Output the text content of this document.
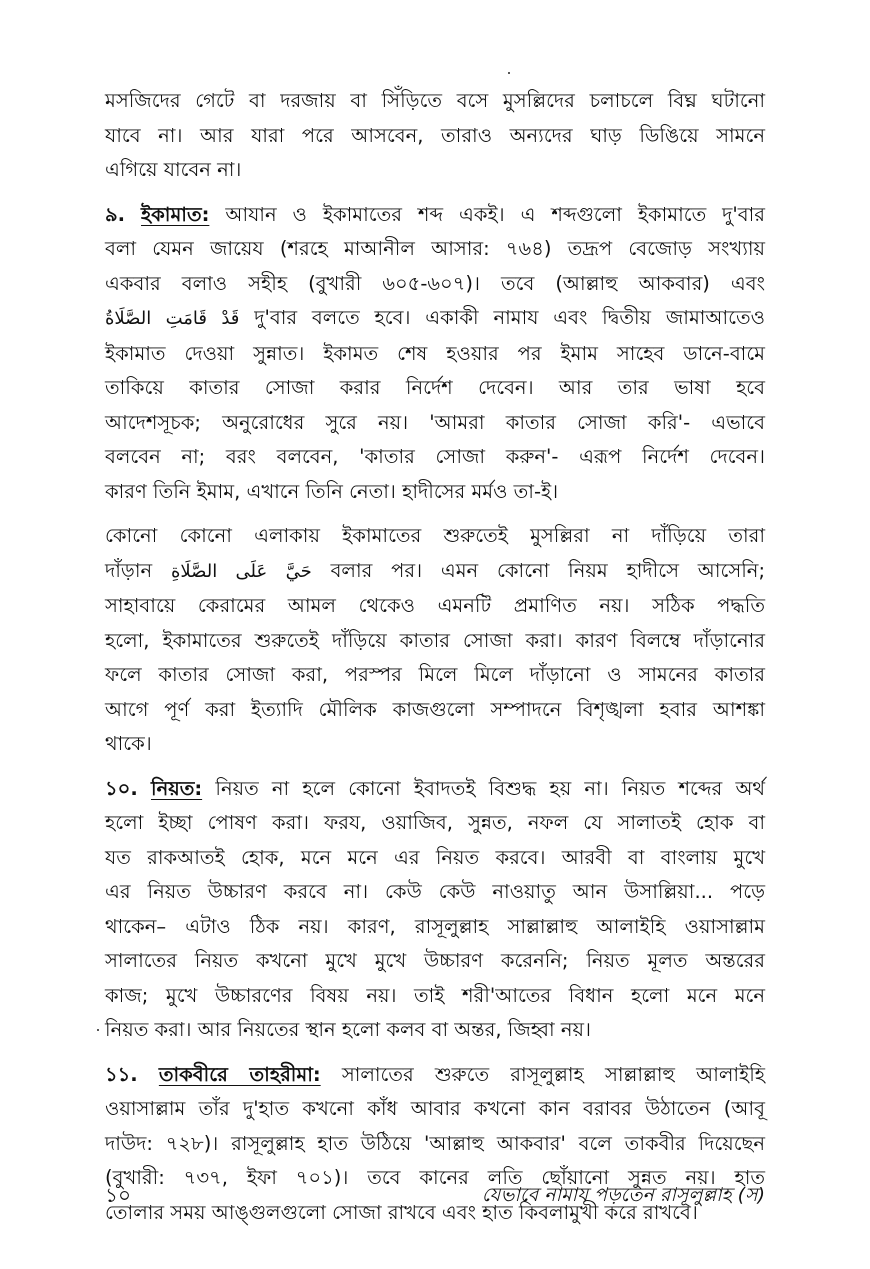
মসজিদের গেটে বা দরজায় বা সিঁড়িতে বসে মুসল্লিদের চলাচলে বিঘ্ন ঘটানো
যাবে না। আর যারা পরে আসবেন, তারাও অন্যদের ঘাড় ডিঙিয়ে সামনে
এগিয়ে যাবেন না।

৯. ইকামাত: আযান ও ইকামাতের শব্দ একই। এ শব্দগুলো ইকামাতে দু'বার
বলা যেমন জায়েয (শরহে মাআনীল আসার: ৭৬৪) তদ্রূপ বেজোড় সংখ্যায়
একবার বলাও সহীহ (বুখারী ৬০৫-৬০৭)। তবে (আল্লাহু আকবার) এবং
قَدْ قَامَتِ الصَّلَاةُ দু'বার বলতে হবে। একাকী নামায এবং দ্বিতীয় জামাআতেও
ইকামাত দেওয়া সুন্নাত। ইকামত শেষ হওয়ার পর ইমাম সাহেব ডানে-বামে
তাকিয়ে কাতার সোজা করার নির্দেশ দেবেন। আর তার ভাষা হবে
আদেশসূচক; অনুরোধের সুরে নয়। 'আমরা কাতার সোজা করি'- এভাবে
বলবেন না; বরং বলবেন, 'কাতার সোজা করুন'- এরূপ নির্দেশ দেবেন।
কারণ তিনি ইমাম, এখানে তিনি নেতা। হাদীসের মর্মও তা-ই।

কোনো কোনো এলাকায় ইকামাতের শুরুতেই মুসল্লিরা না দাঁড়িয়ে তারা
দাঁড়ান حَيَّ عَلَى الصَّلَاةِ বলার পর। এমন কোনো নিয়ম হাদীসে আসেনি;
সাহাবায়ে কেরামের আমল থেকেও এমনটি প্রমাণিত নয়। সঠিক পদ্ধতি
হলো, ইকামাতের শুরুতেই দাঁড়িয়ে কাতার সোজা করা। কারণ বিলম্বে দাঁড়ানোর
ফলে কাতার সোজা করা, পরস্পর মিলে মিলে দাঁড়ানো ও সামনের কাতার
আগে পূর্ণ করা ইত্যাদি মৌলিক কাজগুলো সম্পাদনে বিশৃঙ্খলা হবার আশঙ্কা
থাকে।

১০. নিয়ত: নিয়ত না হলে কোনো ইবাদতই বিশুদ্ধ হয় না। নিয়ত শব্দের অর্থ
হলো ইচ্ছা পোষণ করা। ফরয, ওয়াজিব, সুন্নত, নফল যে সালাতই হোক বা
যত রাকআতই হোক, মনে মনে এর নিয়ত করবে। আরবী বা বাংলায় মুখে
এর নিয়ত উচ্চারণ করবে না। কেউ কেউ নাওয়াতু আন উসাল্লিয়া... পড়ে
থাকেন– এটাও ঠিক নয়। কারণ, রাসূলুল্লাহ সাল্লাল্লাহু আলাইহি ওয়াসাল্লাম
সালাতের নিয়ত কখনো মুখে মুখে উচ্চারণ করেননি; নিয়ত মূলত অন্তরের
কাজ; মুখে উচ্চারণের বিষয় নয়। তাই শরী'আতের বিধান হলো মনে মনে
নিয়ত করা। আর নিয়তের স্থান হলো কলব বা অন্তর, জিহ্বা নয়।

১১. তাকবীরে তাহরীমা: সালাতের শুরুতে রাসূলুল্লাহ সাল্লাল্লাহু আলাইহি
ওয়াসাল্লাম তাঁর দু'হাত কখনো কাঁধ আবার কখনো কান বরাবর উঠাতেন (আবূ
দাউদ: ৭২৮)। রাসূলুল্লাহ হাত উঠিয়ে 'আল্লাহু আকবার' বলে তাকবীর দিয়েছেন
(বুখারী: ৭৩৭, ইফা ৭০১)। তবে কানের লতি ছোঁয়ানো সুন্নত নয়। হাত
তোলার সময় আঙ্গুলগুলো সোজা রাখবে এবং হাত কিবলামুখী করে রাখবে।

১০	যেভাবে নামায পড়তেন রাসূলুল্লাহ (স)
